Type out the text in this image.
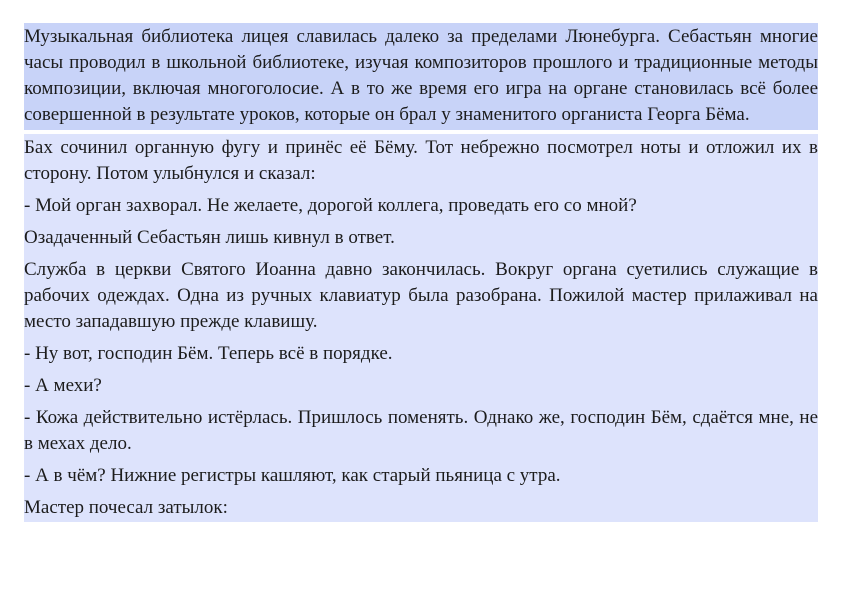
Музыкальная библиотека лицея славилась далеко за пределами Люнебурга. Себастьян многие часы проводил в школьной библиотеке, изучая композиторов прошлого и традиционные методы композиции, включая многоголосие. А в то же время его игра на органе становилась всё более совершенной в результате уроков, которые он брал у знаменитого органиста Георга Бёма.

Бах сочинил органную фугу и принёс её Бёму. Тот небрежно посмотрел ноты и отложил их в сторону. Потом улыбнулся и сказал:

- Мой орган захворал. Не желаете, дорогой коллега, проведать его со мной?

Озадаченный Себастьян лишь кивнул в ответ.

Служба в церкви Святого Иоанна давно закончилась. Вокруг органа суетились служащие в рабочих одеждах. Одна из ручных клавиатур была разобрана. Пожилой мастер прилаживал на место западавшую прежде клавишу.

- Ну вот, господин Бём. Теперь всё в порядке.

- А мехи?

- Кожа действительно истёрлась. Пришлось поменять. Однако же, господин Бём, сдаётся мне, не в мехах дело.

- А в чём? Нижние регистры кашляют, как старый пьяница с утра.

Мастер почесал затылок:
